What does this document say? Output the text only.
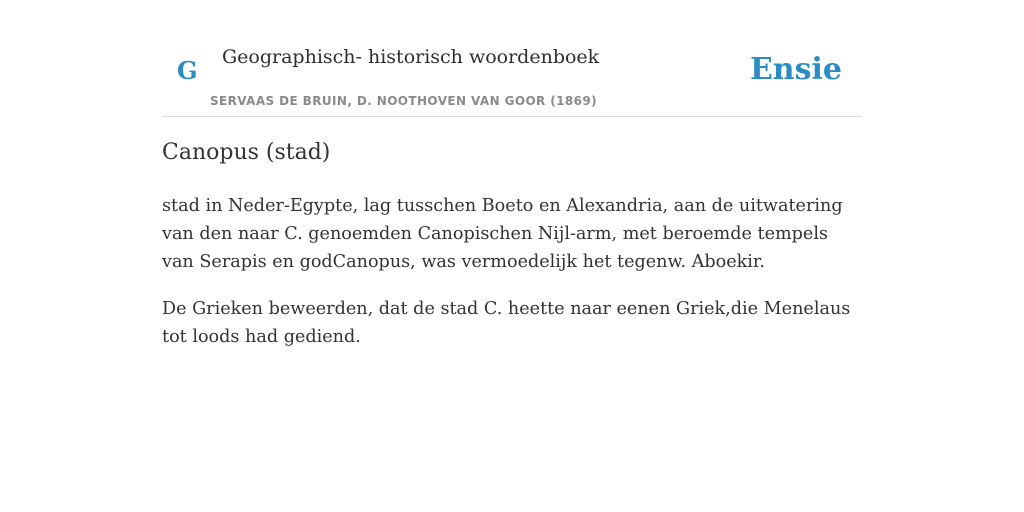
G Geographisch- historisch woordenboek
SERVAAS DE BRUIN, D. NOOTHOVEN VAN GOOR (1869)
Ensie
Canopus (stad)

stad in Neder-Egypte, lag tusschen Boeto en Alexandria, aan de uitwatering van den naar C. genoemden Canopischen Nijl-arm, met beroemde tempels van Serapis en godCanopus, was vermoedelijk het tegenw. Aboekir.

De Grieken beweerden, dat de stad C. heette naar eenen Griek,die Menelaus tot loods had gediend.
